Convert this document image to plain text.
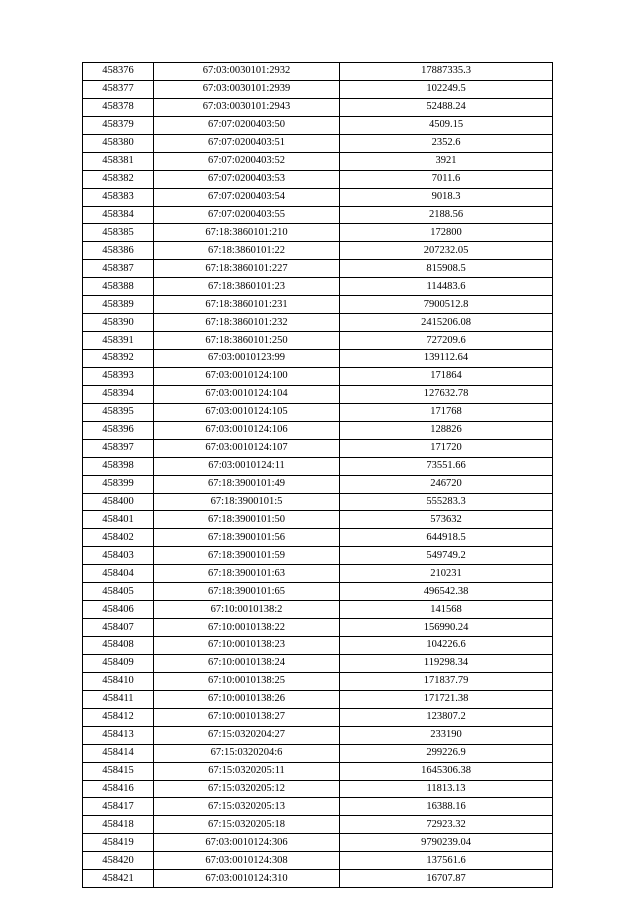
458376	67:03:0030101:2932	17887335.3
458377	67:03:0030101:2939	102249.5
458378	67:03:0030101:2943	52488.24
458379	67:07:0200403:50	4509.15
458380	67:07:0200403:51	2352.6
458381	67:07:0200403:52	3921
458382	67:07:0200403:53	7011.6
458383	67:07:0200403:54	9018.3
458384	67:07:0200403:55	2188.56
458385	67:18:3860101:210	172800
458386	67:18:3860101:22	207232.05
458387	67:18:3860101:227	815908.5
458388	67:18:3860101:23	114483.6
458389	67:18:3860101:231	7900512.8
458390	67:18:3860101:232	2415206.08
458391	67:18:3860101:250	727209.6
458392	67:03:0010123:99	139112.64
458393	67:03:0010124:100	171864
458394	67:03:0010124:104	127632.78
458395	67:03:0010124:105	171768
458396	67:03:0010124:106	128826
458397	67:03:0010124:107	171720
458398	67:03:0010124:11	73551.66
458399	67:18:3900101:49	246720
458400	67:18:3900101:5	555283.3
458401	67:18:3900101:50	573632
458402	67:18:3900101:56	644918.5
458403	67:18:3900101:59	549749.2
458404	67:18:3900101:63	210231
458405	67:18:3900101:65	496542.38
458406	67:10:0010138:2	141568
458407	67:10:0010138:22	156990.24
458408	67:10:0010138:23	104226.6
458409	67:10:0010138:24	119298.34
458410	67:10:0010138:25	171837.79
458411	67:10:0010138:26	171721.38
458412	67:10:0010138:27	123807.2
458413	67:15:0320204:27	233190
458414	67:15:0320204:6	299226.9
458415	67:15:0320205:11	1645306.38
458416	67:15:0320205:12	11813.13
458417	67:15:0320205:13	16388.16
458418	67:15:0320205:18	72923.32
458419	67:03:0010124:306	9790239.04
458420	67:03:0010124:308	137561.6
458421	67:03:0010124:310	16707.87
